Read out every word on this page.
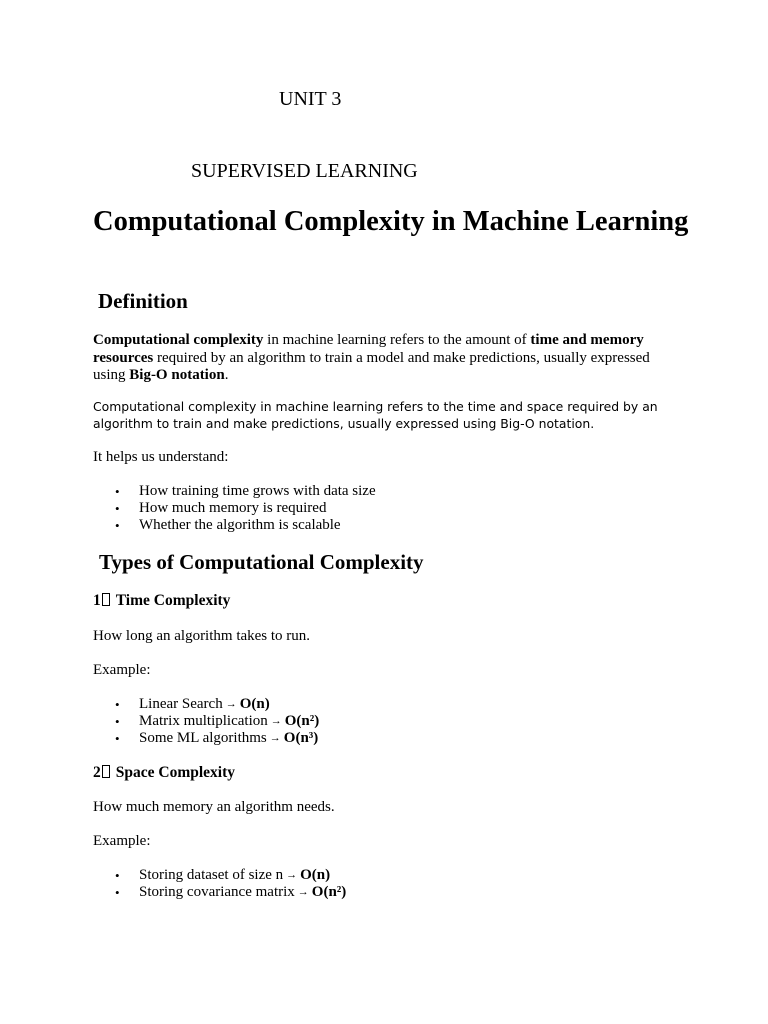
UNIT 3
SUPERVISED LEARNING
Computational Complexity in Machine Learning
Definition
Computational complexity in machine learning refers to the amount of time and memory resources required by an algorithm to train a model and make predictions, usually expressed using Big-O notation.
Computational complexity in machine learning refers to the time and space required by an algorithm to train and make predictions, usually expressed using Big-O notation.
It helps us understand:
• How training time grows with data size
• How much memory is required
• Whether the algorithm is scalable
Types of Computational Complexity
1 Time Complexity
How long an algorithm takes to run.
Example:
• Linear Search → O(n)
• Matrix multiplication → O(n²)
• Some ML algorithms → O(n³)
2 Space Complexity
How much memory an algorithm needs.
Example:
• Storing dataset of size n → O(n)
• Storing covariance matrix → O(n²)
